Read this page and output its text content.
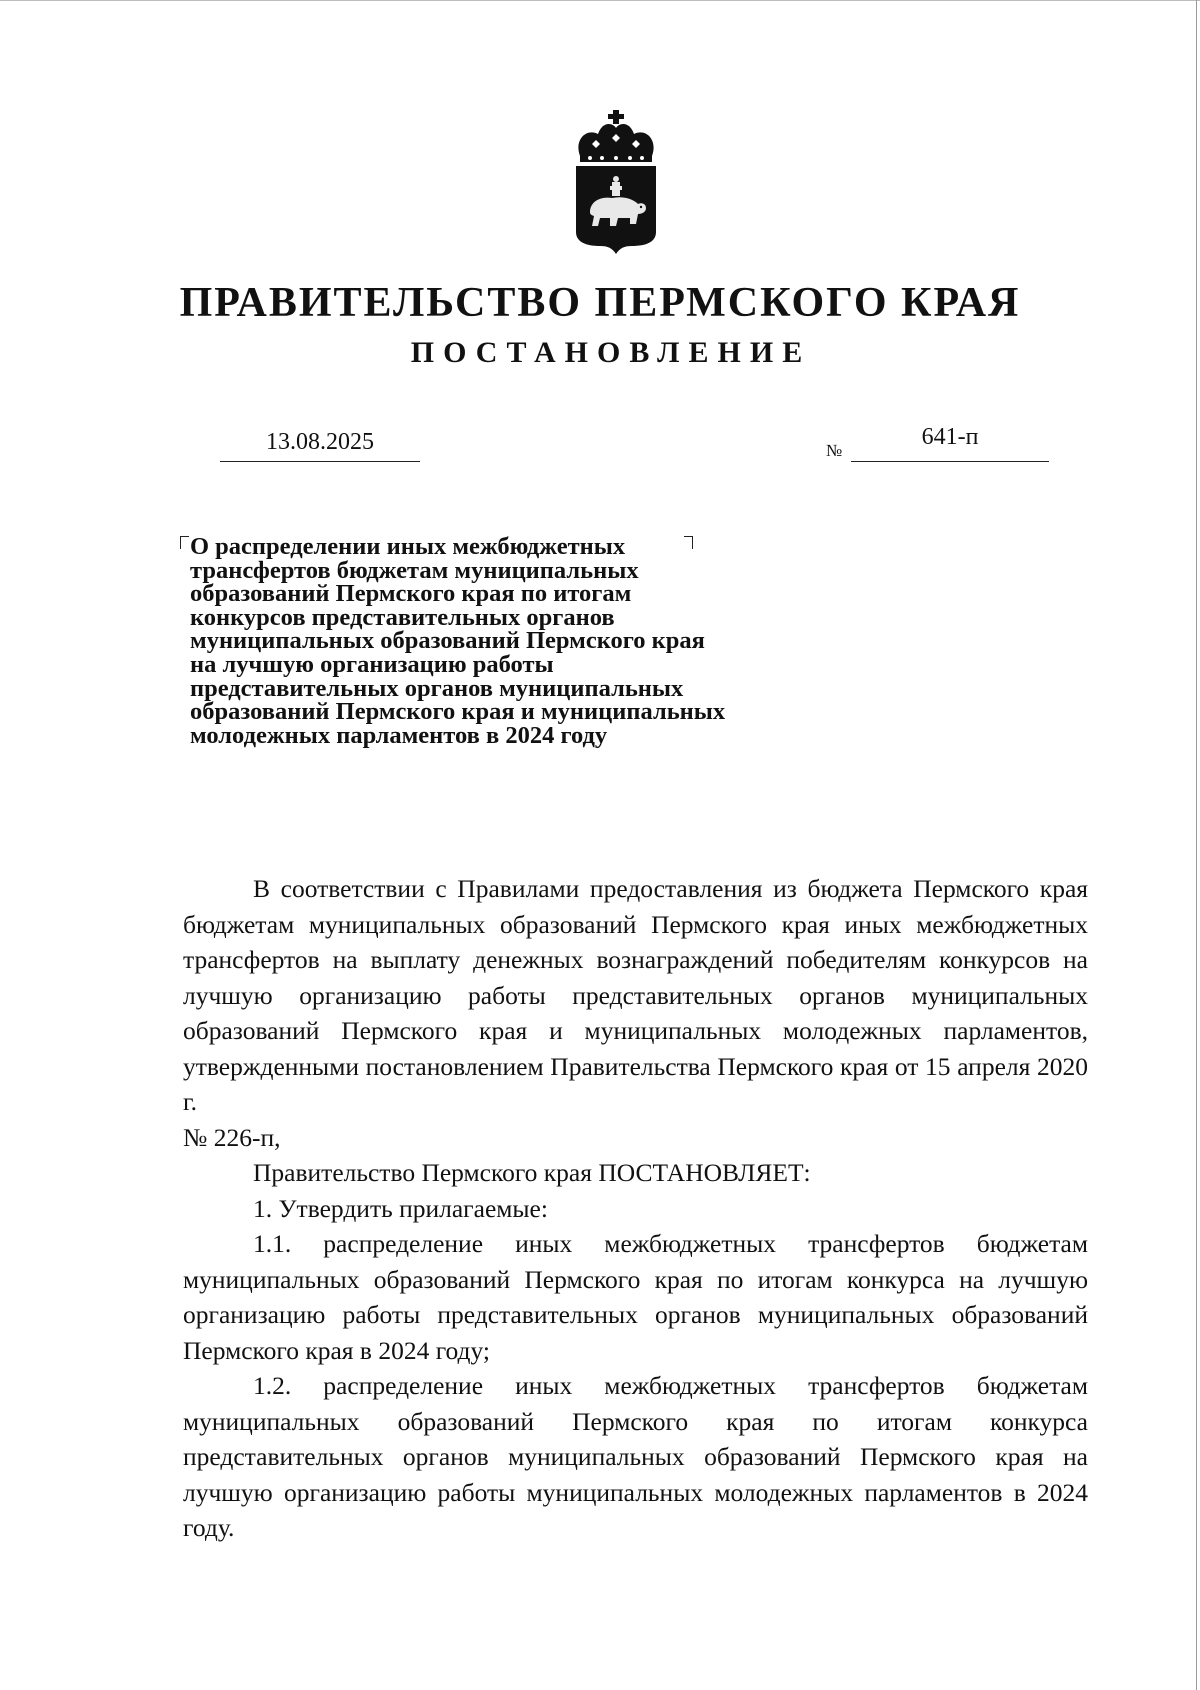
ПРАВИТЕЛЬСТВО ПЕРМСКОГО КРАЯ
ПОСТАНОВЛЕНИЕ
13.08.2025	№
641-п
О распределении иных межбюджетных
трансфертов бюджетам муниципальных
образований Пермского края по итогам
конкурсов представительных органов
муниципальных образований Пермского края
на лучшую организацию работы
представительных органов муниципальных
образований Пермского края и муниципальных
молодежных парламентов в 2024 году

В соответствии с Правилами предоставления из бюджета Пермского края бюджетам муниципальных образований Пермского края иных межбюджетных трансфертов на выплату денежных вознаграждений победителям конкурсов на лучшую организацию работы представительных органов муниципальных образований Пермского края и муниципальных молодежных парламентов, утвержденными постановлением Правительства Пермского края от 15 апреля 2020 г.

№ 226-п,

Правительство Пермского края ПОСТАНОВЛЯЕТ:

1. Утвердить прилагаемые:

1.1. распределение иных межбюджетных трансфертов бюджетам муниципальных образований Пермского края по итогам конкурса на лучшую организацию работы представительных органов муниципальных образований Пермского края в 2024 году;

1.2. распределение иных межбюджетных трансфертов бюджетам муниципальных образований Пермского края по итогам конкурса представительных органов муниципальных образований Пермского края на лучшую организацию работы муниципальных молодежных парламентов в 2024 году.
